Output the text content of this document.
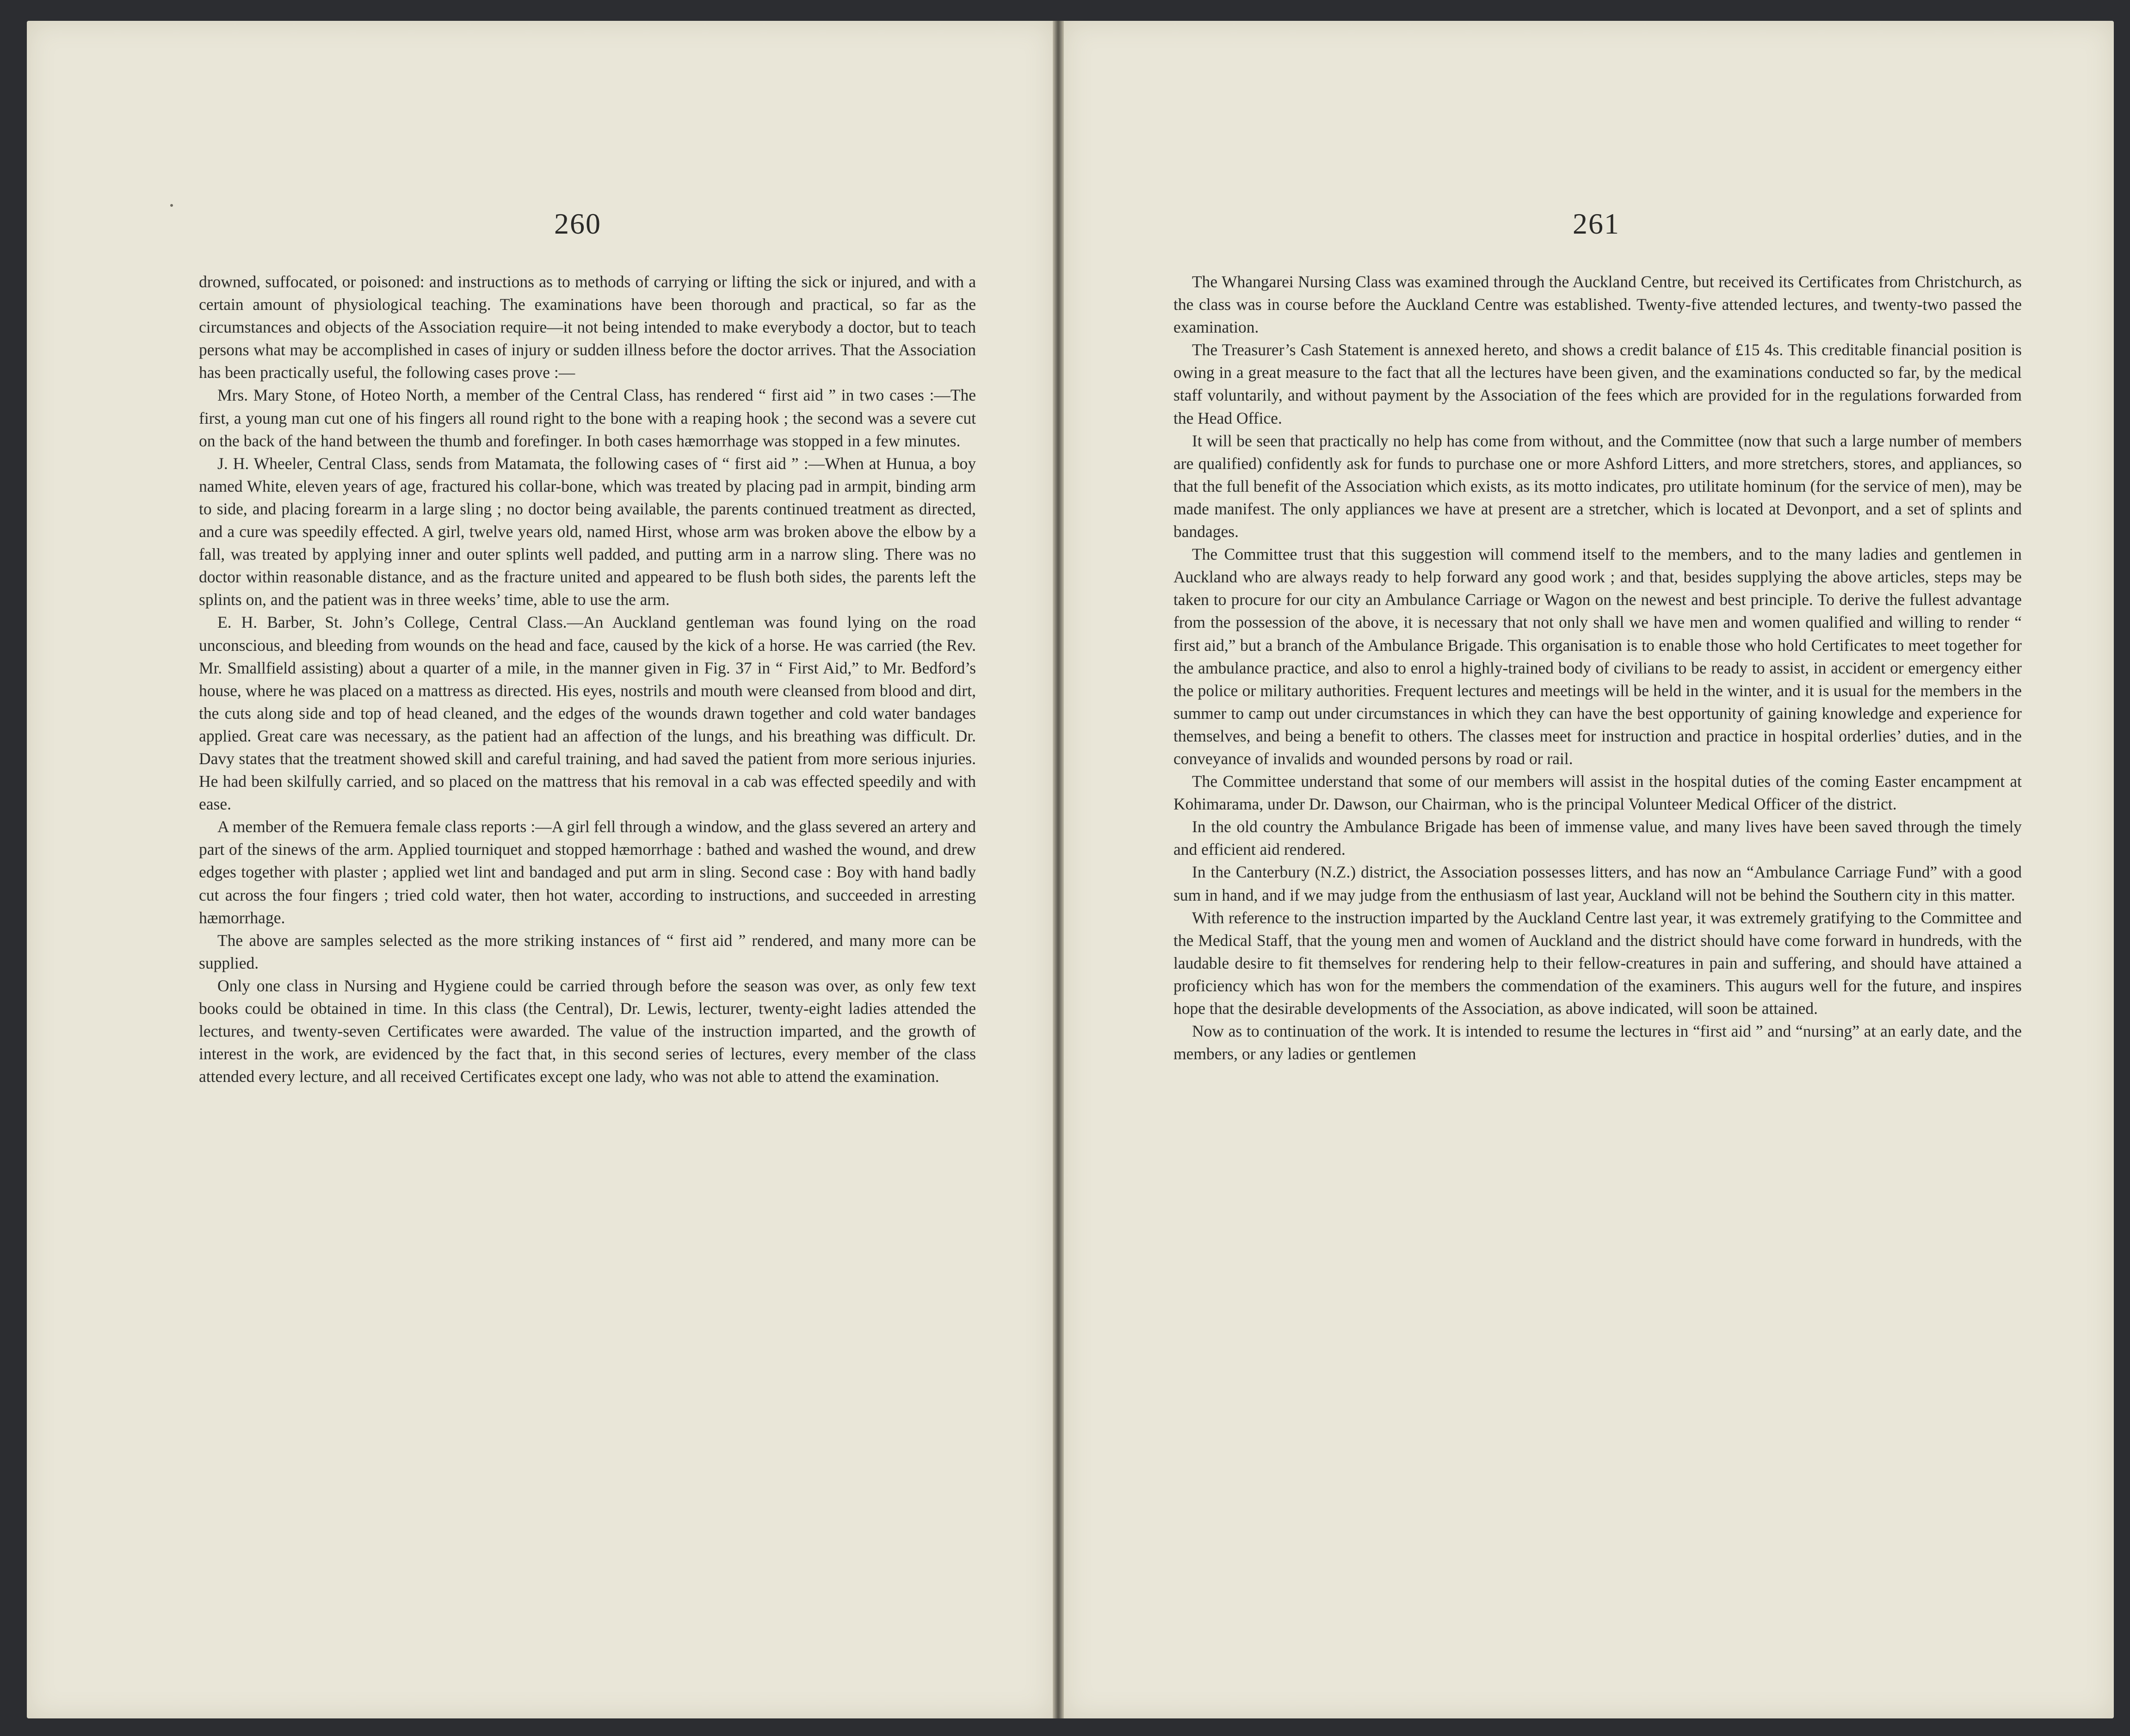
260

drowned, suffocated, or poisoned: and instructions as to methods of carrying or lifting the sick or injured, and with a certain amount of physiological teaching. The examinations have been thorough and practical, so far as the circumstances and objects of the Association require—it not being intended to make everybody a doctor, but to teach persons what may be accomplished in cases of injury or sudden illness before the doctor arrives. That the Association has been practically useful, the following cases prove :—

Mrs. Mary Stone, of Hoteo North, a member of the Central Class, has rendered “ first aid ” in two cases :—The first, a young man cut one of his fingers all round right to the bone with a reaping hook ; the second was a severe cut on the back of the hand between the thumb and forefinger. In both cases hæmorrhage was stopped in a few minutes.

J. H. Wheeler, Central Class, sends from Matamata, the following cases of “ first aid ” :—When at Hunua, a boy named White, eleven years of age, fractured his collar-bone, which was treated by placing pad in armpit, binding arm to side, and placing forearm in a large sling ; no doctor being available, the parents continued treatment as directed, and a cure was speedily effected. A girl, twelve years old, named Hirst, whose arm was broken above the elbow by a fall, was treated by applying inner and outer splints well padded, and putting arm in a narrow sling. There was no doctor within reasonable distance, and as the fracture united and appeared to be flush both sides, the parents left the splints on, and the patient was in three weeks’ time, able to use the arm.

E. H. Barber, St. John’s College, Central Class.—An Auckland gentleman was found lying on the road unconscious, and bleeding from wounds on the head and face, caused by the kick of a horse. He was carried (the Rev. Mr. Smallfield assisting) about a quarter of a mile, in the manner given in Fig. 37 in “ First Aid,” to Mr. Bedford’s house, where he was placed on a mattress as directed. His eyes, nostrils and mouth were cleansed from blood and dirt, the cuts along side and top of head cleaned, and the edges of the wounds drawn together and cold water bandages applied. Great care was necessary, as the patient had an affection of the lungs, and his breathing was difficult. Dr. Davy states that the treatment showed skill and careful training, and had saved the patient from more serious injuries. He had been skilfully carried, and so placed on the mattress that his removal in a cab was effected speedily and with ease.

A member of the Remuera female class reports :—A girl fell through a window, and the glass severed an artery and part of the sinews of the arm. Applied tourniquet and stopped hæmorrhage : bathed and washed the wound, and drew edges together with plaster ; applied wet lint and bandaged and put arm in sling. Second case : Boy with hand badly cut across the four fingers ; tried cold water, then hot water, according to instructions, and succeeded in arresting hæmorrhage.

The above are samples selected as the more striking instances of “ first aid ” rendered, and many more can be supplied.

Only one class in Nursing and Hygiene could be carried through before the season was over, as only few text books could be obtained in time. In this class (the Central), Dr. Lewis, lecturer, twenty-eight ladies attended the lectures, and twenty-seven Certificates were awarded. The value of the instruction imparted, and the growth of interest in the work, are evidenced by the fact that, in this second series of lectures, every member of the class attended every lecture, and all received Certificates except one lady, who was not able to attend the examination.

261

The Whangarei Nursing Class was examined through the Auckland Centre, but received its Certificates from Christchurch, as the class was in course before the Auckland Centre was established. Twenty-five attended lectures, and twenty-two passed the examination.

The Treasurer’s Cash Statement is annexed hereto, and shows a credit balance of £15 4s. This creditable financial position is owing in a great measure to the fact that all the lectures have been given, and the examinations conducted so far, by the medical staff voluntarily, and without payment by the Association of the fees which are provided for in the regulations forwarded from the Head Office.

It will be seen that practically no help has come from without, and the Committee (now that such a large number of members are qualified) confidently ask for funds to purchase one or more Ashford Litters, and more stretchers, stores, and appliances, so that the full benefit of the Association which exists, as its motto indicates, pro utilitate hominum (for the service of men), may be made manifest. The only appliances we have at present are a stretcher, which is located at Devonport, and a set of splints and bandages.

The Committee trust that this suggestion will commend itself to the members, and to the many ladies and gentlemen in Auckland who are always ready to help forward any good work ; and that, besides supplying the above articles, steps may be taken to procure for our city an Ambulance Carriage or Wagon on the newest and best principle. To derive the fullest advantage from the possession of the above, it is necessary that not only shall we have men and women qualified and willing to render “ first aid,” but a branch of the Ambulance Brigade. This organisation is to enable those who hold Certificates to meet together for the ambulance practice, and also to enrol a highly-trained body of civilians to be ready to assist, in accident or emergency either the police or military authorities. Frequent lectures and meetings will be held in the winter, and it is usual for the members in the summer to camp out under circumstances in which they can have the best opportunity of gaining knowledge and experience for themselves, and being a benefit to others. The classes meet for instruction and practice in hospital orderlies’ duties, and in the conveyance of invalids and wounded persons by road or rail.

The Committee understand that some of our members will assist in the hospital duties of the coming Easter encampment at Kohimarama, under Dr. Dawson, our Chairman, who is the principal Volunteer Medical Officer of the district.

In the old country the Ambulance Brigade has been of immense value, and many lives have been saved through the timely and efficient aid rendered.

In the Canterbury (N.Z.) district, the Association possesses litters, and has now an “Ambulance Carriage Fund” with a good sum in hand, and if we may judge from the enthusiasm of last year, Auckland will not be behind the Southern city in this matter.

With reference to the instruction imparted by the Auckland Centre last year, it was extremely gratifying to the Committee and the Medical Staff, that the young men and women of Auckland and the district should have come forward in hundreds, with the laudable desire to fit themselves for rendering help to their fellow-creatures in pain and suffering, and should have attained a proficiency which has won for the members the commendation of the examiners. This augurs well for the future, and inspires hope that the desirable developments of the Association, as above indicated, will soon be attained.

Now as to continuation of the work. It is intended to resume the lectures in “first aid ” and “nursing” at an early date, and the members, or any ladies or gentlemen
